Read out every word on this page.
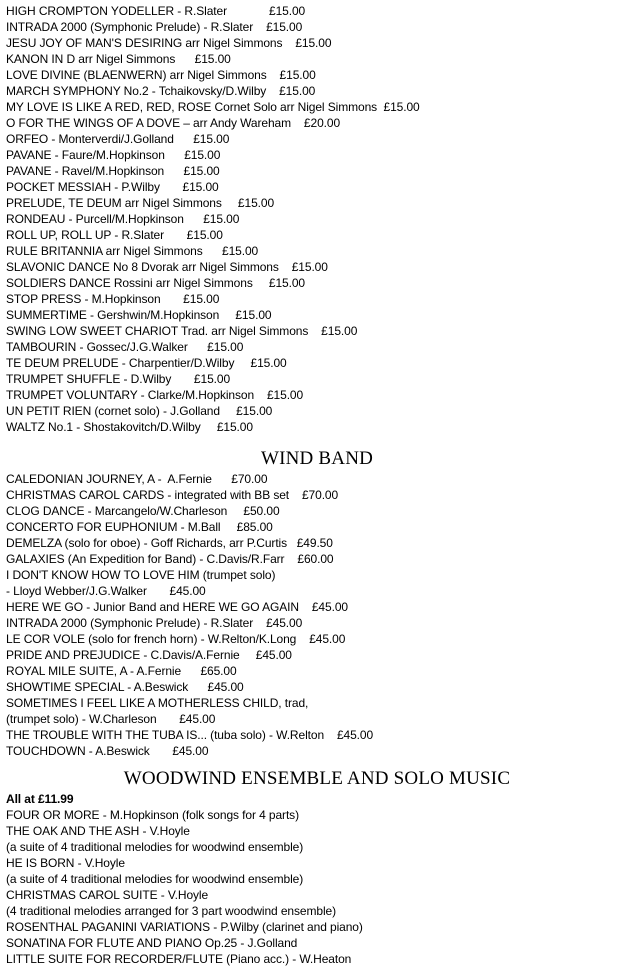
HIGH CROMPTON YODELLER - R.Slater             £15.00
INTRADA 2000 (Symphonic Prelude) - R.Slater    £15.00
JESU JOY OF MAN'S DESIRING arr Nigel Simmons    £15.00
KANON IN D arr Nigel Simmons      £15.00
LOVE DIVINE (BLAENWERN) arr Nigel Simmons    £15.00
MARCH SYMPHONY No.2 - Tchaikovsky/D.Wilby    £15.00
MY LOVE IS LIKE A RED, RED, ROSE Cornet Solo arr Nigel Simmons  £15.00
O FOR THE WINGS OF A DOVE – arr Andy Wareham    £20.00
ORFEO - Monterverdi/J.Golland      £15.00
PAVANE - Faure/M.Hopkinson      £15.00
PAVANE - Ravel/M.Hopkinson      £15.00
POCKET MESSIAH - P.Wilby       £15.00
PRELUDE, TE DEUM arr Nigel Simmons     £15.00
RONDEAU - Purcell/M.Hopkinson      £15.00
ROLL UP, ROLL UP - R.Slater       £15.00
RULE BRITANNIA arr Nigel Simmons      £15.00
SLAVONIC DANCE No 8 Dvorak arr Nigel Simmons    £15.00
SOLDIERS DANCE Rossini arr Nigel Simmons     £15.00
STOP PRESS - M.Hopkinson       £15.00
SUMMERTIME - Gershwin/M.Hopkinson     £15.00
SWING LOW SWEET CHARIOT Trad. arr Nigel Simmons    £15.00
TAMBOURIN - Gossec/J.G.Walker      £15.00
TE DEUM PRELUDE - Charpentier/D.Wilby     £15.00
TRUMPET SHUFFLE - D.Wilby       £15.00
TRUMPET VOLUNTARY - Clarke/M.Hopkinson    £15.00
UN PETIT RIEN (cornet solo) - J.Golland     £15.00
WALTZ No.1 - Shostakovitch/D.Wilby     £15.00
WIND BAND
CALEDONIAN JOURNEY, A -  A.Fernie      £70.00
CHRISTMAS CAROL CARDS - integrated with BB set    £70.00
CLOG DANCE - Marcangelo/W.Charleson     £50.00
CONCERTO FOR EUPHONIUM - M.Ball     £85.00
DEMELZA (solo for oboe) - Goff Richards, arr P.Curtis   £49.50
GALAXIES (An Expedition for Band) - C.Davis/R.Farr    £60.00
I DON'T KNOW HOW TO LOVE HIM (trumpet solo)
- Lloyd Webber/J.G.Walker       £45.00
HERE WE GO - Junior Band and HERE WE GO AGAIN    £45.00
INTRADA 2000 (Symphonic Prelude) - R.Slater    £45.00
LE COR VOLE (solo for french horn) - W.Relton/K.Long    £45.00
PRIDE AND PREJUDICE - C.Davis/A.Fernie     £45.00
ROYAL MILE SUITE, A - A.Fernie      £65.00
SHOWTIME SPECIAL - A.Beswick      £45.00
SOMETIMES I FEEL LIKE A MOTHERLESS CHILD, trad,
(trumpet solo) - W.Charleson       £45.00
THE TROUBLE WITH THE TUBA IS... (tuba solo) - W.Relton    £45.00
TOUCHDOWN - A.Beswick       £45.00
WOODWIND ENSEMBLE AND SOLO MUSIC
All at £11.99
FOUR OR MORE - M.Hopkinson (folk songs for 4 parts)
THE OAK AND THE ASH - V.Hoyle
(a suite of 4 traditional melodies for woodwind ensemble)
HE IS BORN - V.Hoyle
(a suite of 4 traditional melodies for woodwind ensemble)
CHRISTMAS CAROL SUITE - V.Hoyle
(4 traditional melodies arranged for 3 part woodwind ensemble)
ROSENTHAL PAGANINI VARIATIONS - P.Wilby (clarinet and piano)
SONATINA FOR FLUTE AND PIANO Op.25 - J.Golland
LITTLE SUITE FOR RECORDER/FLUTE (Piano acc.) - W.Heaton
